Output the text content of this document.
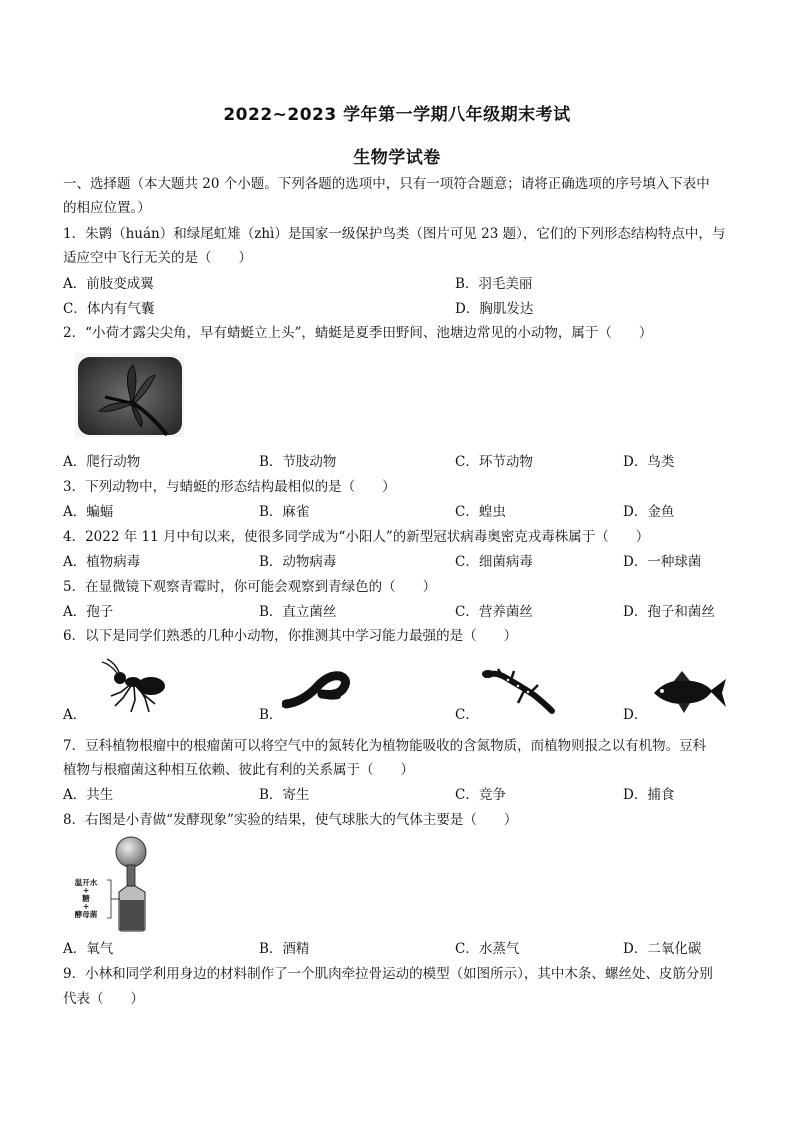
2022~2023 学年第一学期八年级期末考试
生物学试卷
一、选择题（本大题共 20 个小题。下列各题的选项中，只有一项符合题意；请将正确选项的序号填入下表中
的相应位置。）
1．朱鹮（huán）和绿尾虹雉（zhì）是国家一级保护鸟类（图片可见 23 题），它们的下列形态结构特点中，与
适应空中飞行无关的是（　　）
A．前肢变成翼	B．羽毛美丽
C．体内有气囊	D．胸肌发达
2．“小荷才露尖尖角，早有蜻蜓立上头”，蜻蜓是夏季田野间、池塘边常见的小动物，属于（　　）
A．爬行动物	B．节肢动物	C．环节动物	D．鸟类
3．下列动物中，与蜻蜓的形态结构最相似的是（　　）
A．蝙蝠	B．麻雀	C．蝗虫	D．金鱼
4．2022 年 11 月中旬以来，使很多同学成为“小阳人”的新型冠状病毒奥密克戎毒株属于（　　）
A．植物病毒	B．动物病毒	C．细菌病毒	D．一种球菌
5．在显微镜下观察青霉时，你可能会观察到青绿色的（　　）
A．孢子	B．直立菌丝	C．营养菌丝	D．孢子和菌丝
6．以下是同学们熟悉的几种小动物，你推测其中学习能力最强的是（　　）
A．	B．	C．	D．
7．豆科植物根瘤中的根瘤菌可以将空气中的氮转化为植物能吸收的含氮物质，而植物则报之以有机物。豆科
植物与根瘤菌这种相互依赖、彼此有利的关系属于（　　）
A．共生	B．寄生	C．竞争	D．捕食
8．右图是小青做“发酵现象”实验的结果，使气球胀大的气体主要是（　　）
温开水
+
糖
+
酵母菌
A．氧气	B．酒精	C．水蒸气	D．二氧化碳
9．小林和同学利用身边的材料制作了一个肌肉牵拉骨运动的模型（如图所示），其中木条、螺丝处、皮筋分别
代表（　　）
